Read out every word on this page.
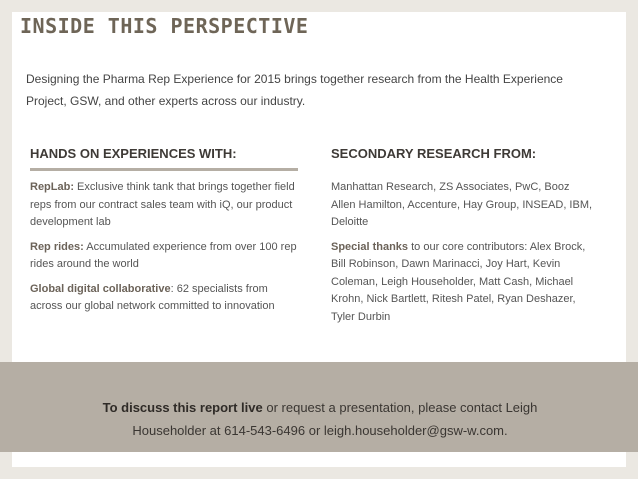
INSIDE THIS PERSPECTIVE
Designing the Pharma Rep Experience for 2015 brings together research from the Health Experience Project, GSW, and other experts across our industry.
HANDS ON EXPERIENCES WITH:

RepLab: Exclusive think tank that brings together field reps from our contract sales team with iQ, our product development lab

Rep rides: Accumulated experience from over 100 rep rides around the world

Global digital collaborative: 62 specialists from across our global network committed to innovation

SECONDARY RESEARCH FROM:

Manhattan Research, ZS Associates, PwC, Booz Allen Hamilton, Accenture, Hay Group, INSEAD, IBM, Deloitte

Special thanks to our core contributors: Alex Brock, Bill Robinson, Dawn Marinacci, Joy Hart, Kevin Coleman, Leigh Householder, Matt Cash, Michael Krohn, Nick Bartlett, Ritesh Patel, Ryan Deshazer, Tyler Durbin

To discuss this report live or request a presentation, please contact Leigh Householder at 614-543-6496 or leigh.householder@gsw-w.com.
